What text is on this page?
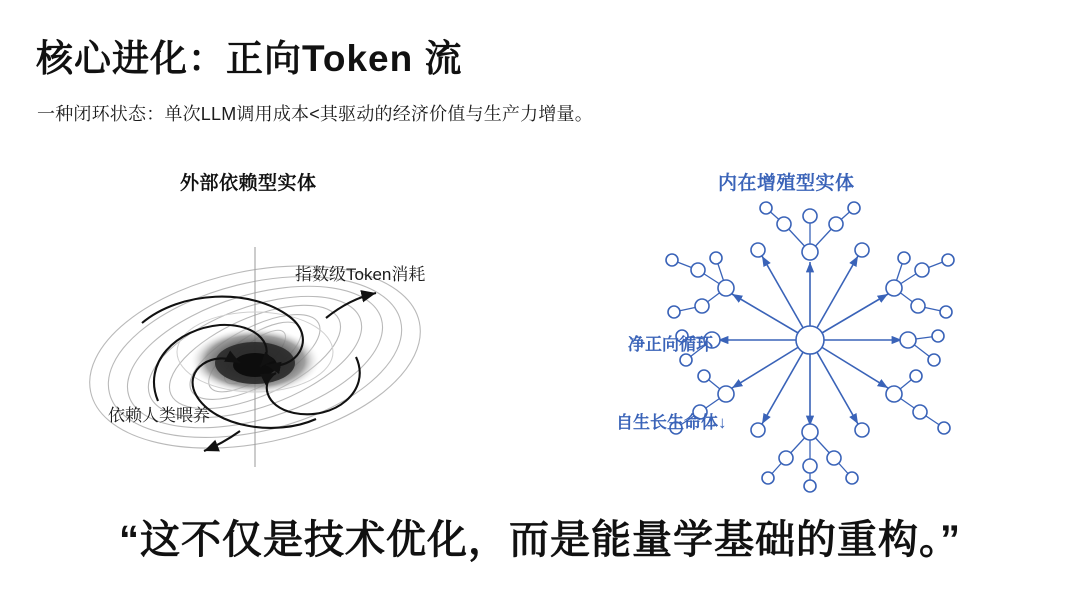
核心进化：正向Token 流
一种闭环状态：单次LLM调用成本<其驱动的经济价值与生产力增量。
外部依赖型实体	内在增殖型实体
指数级Token消耗
依赖人类喂养
净正向循环
自生长生命体↓
“这不仅是技术优化，而是能量学基础的重构。”
